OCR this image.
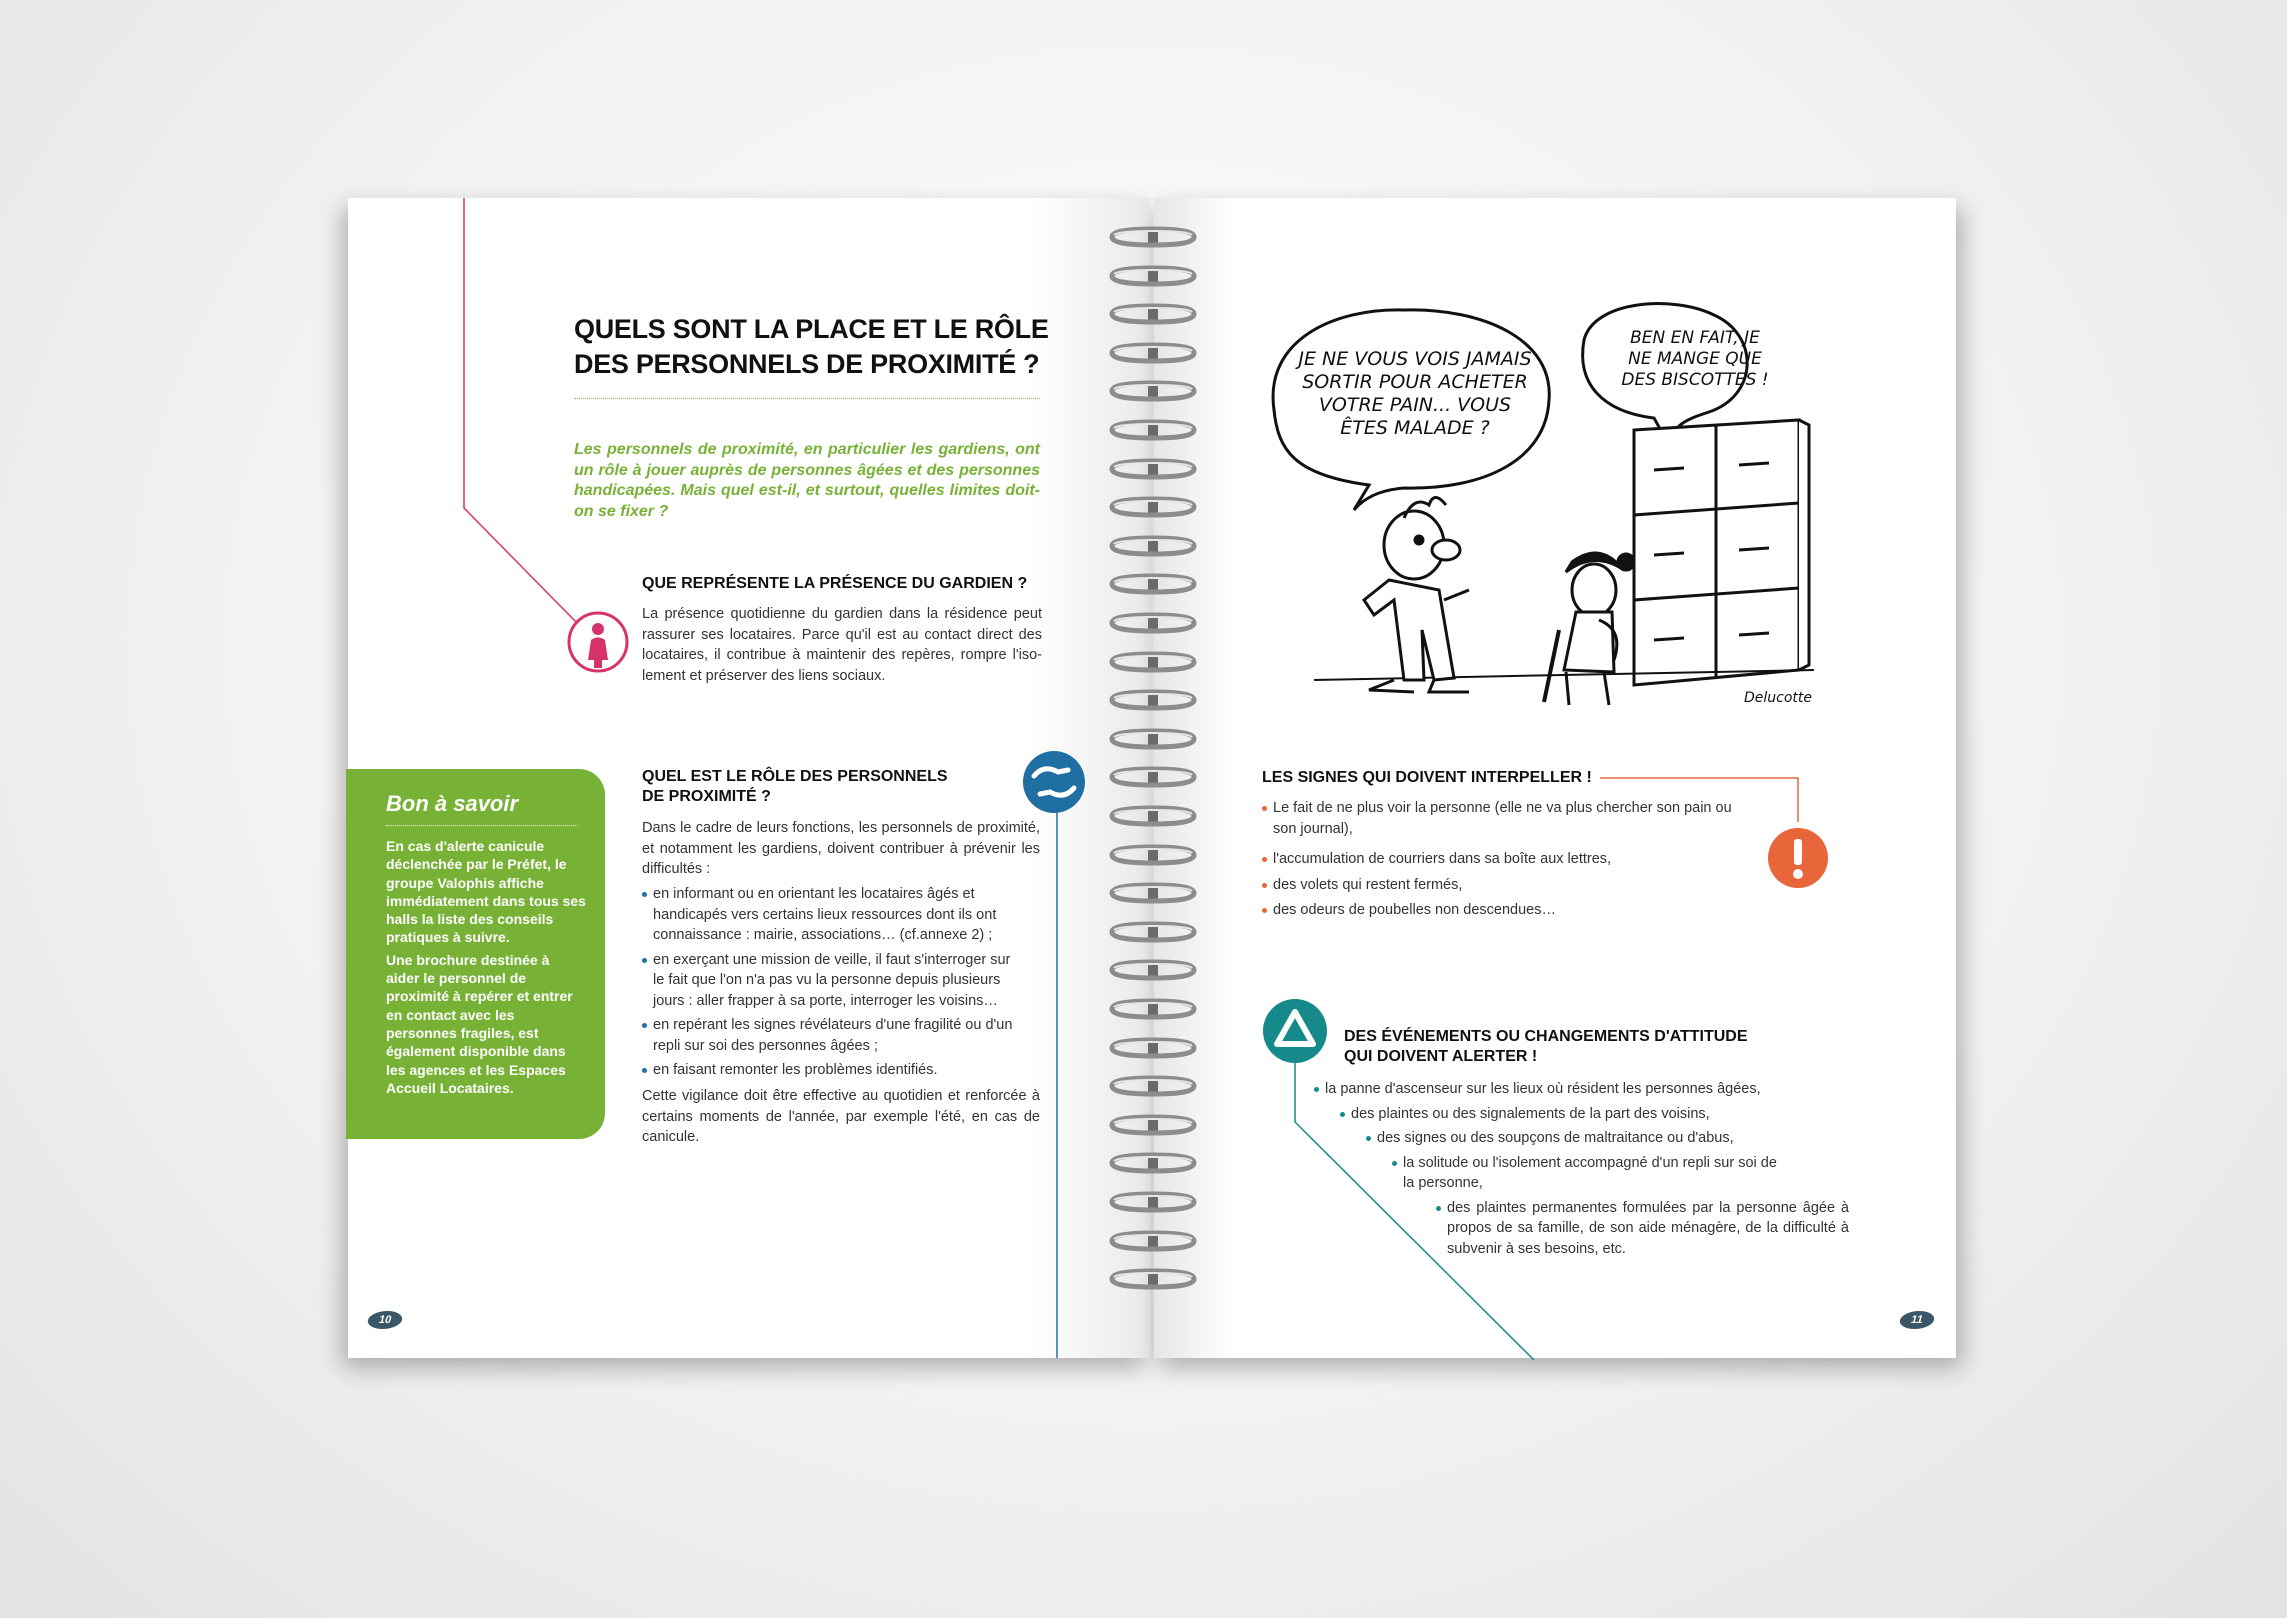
QUELS SONT LA PLACE ET LE RÔLE
DES PERSONNELS DE PROXIMITÉ ?
Les personnels de proximité, en particulier les gardiens, ont un rôle à jouer auprès de personnes âgées et des personnes handicapées. Mais quel est-il, et surtout, quelles limites doit-on se fixer ?
QUE REPRÉSENTE LA PRÉSENCE DU GARDIEN ?
La présence quotidienne du gardien dans la résidence peut rassurer ses locataires. Parce qu'il est au contact direct des locataires, il contribue à maintenir des repères, rompre l'iso-lement et préserver des liens sociaux.
Bon à savoir
En cas d'alerte canicule déclenchée par le Préfet, le groupe Valophis affiche immédiatement dans tous ses halls la liste des conseils pratiques à suivre.
Une brochure destinée à aider le personnel de proximité à repérer et entrer en contact avec les personnes fragiles, est également disponible dans les agences et les Espaces Accueil Locataires.
QUEL EST LE RÔLE DES PERSONNELS
DE PROXIMITÉ ?
Dans le cadre de leurs fonctions, les personnels de proximité, et notamment les gardiens, doivent contribuer à prévenir les difficultés :
en informant ou en orientant les locataires âgés et handicapés vers certains lieux ressources dont ils ont connaissance : mairie, associations… (cf.annexe 2) ;
en exerçant une mission de veille, il faut s'interroger sur le fait que l'on n'a pas vu la personne depuis plusieurs jours : aller frapper à sa porte, interroger les voisins…
en repérant les signes révélateurs d'une fragilité ou d'un repli sur soi des personnes âgées ;
en faisant remonter les problèmes identifiés.
Cette vigilance doit être effective au quotidien et renforcée à certains moments de l'année, par exemple l'été, en cas de canicule.
10
Delucotte
JE NE VOUS VOIS JAMAIS SORTIR POUR ACHETER VOTRE PAIN... VOUS ÊTES MALADE ?
BEN EN FAIT, JE NE MANGE QUE DES BISCOTTES !
LES SIGNES QUI DOIVENT INTERPELLER !
Le fait de ne plus voir la personne (elle ne va plus chercher son pain ou son journal),
l'accumulation de courriers dans sa boîte aux lettres,
des volets qui restent fermés,
des odeurs de poubelles non descendues…
DES ÉVÉNEMENTS OU CHANGEMENTS D'ATTITUDE
QUI DOIVENT ALERTER !
la panne d'ascenseur sur les lieux où résident les personnes âgées,
des plaintes ou des signalements de la part des voisins,
des signes ou des soupçons de maltraitance ou d'abus,
la solitude ou l'isolement accompagné d'un repli sur soi de la personne,
des plaintes permanentes formulées par la personne âgée à propos de sa famille, de son aide ménagère, de la difficulté à subvenir à ses besoins, etc.
11
